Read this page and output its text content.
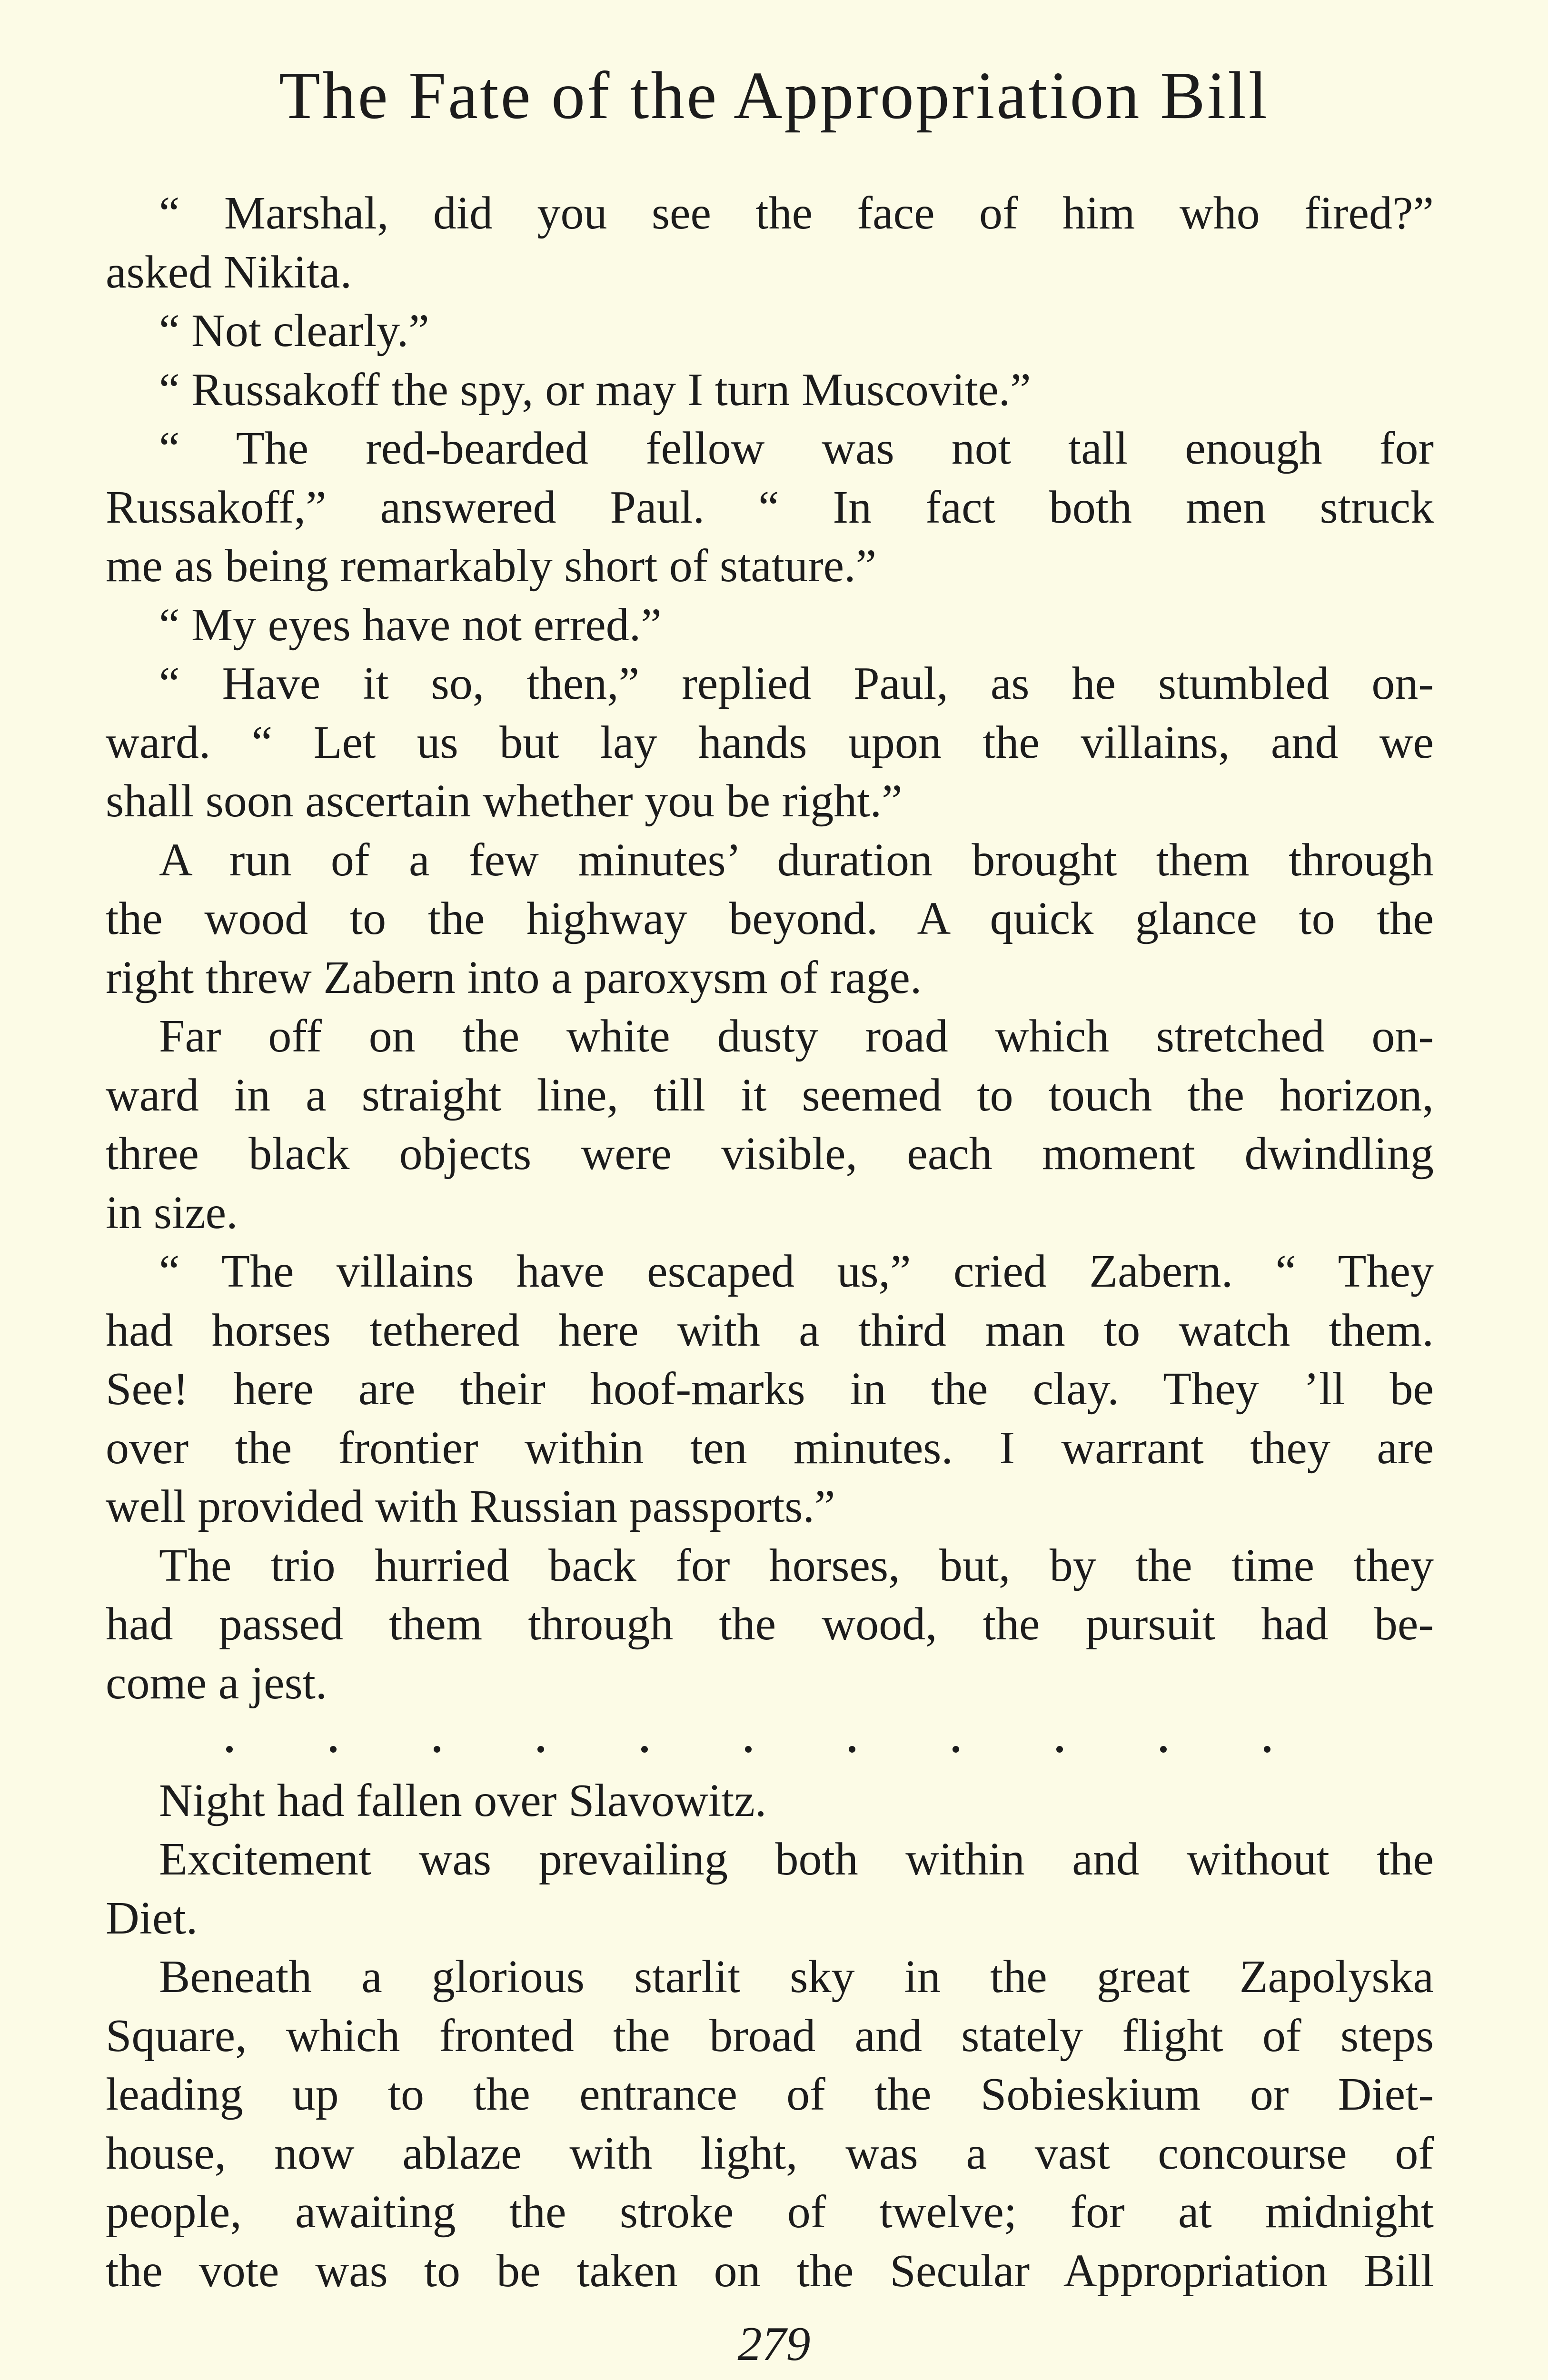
The Fate of the Appropriation Bill
“ Marshal, did you see the face of him who fired?”
asked Nikita.
“ Not clearly.”
“ Russakoff the spy, or may I turn Muscovite.”
“ The red-bearded fellow was not tall enough for
Russakoff,” answered Paul. “ In fact both men struck
me as being remarkably short of stature.”
“ My eyes have not erred.”
“ Have it so, then,” replied Paul, as he stumbled on-
ward. “ Let us but lay hands upon the villains, and we
shall soon ascertain whether you be right.”
A run of a few minutes’ duration brought them through
the wood to the highway beyond. A quick glance to the
right threw Zabern into a paroxysm of rage.
Far off on the white dusty road which stretched on-
ward in a straight line, till it seemed to touch the horizon,
three black objects were visible, each moment dwindling
in size.
“ The villains have escaped us,” cried Zabern. “ They
had horses tethered here with a third man to watch them.
See! here are their hoof-marks in the clay. They ’ll be
over the frontier within ten minutes. I warrant they are
well provided with Russian passports.”
The trio hurried back for horses, but, by the time they
had passed them through the wood, the pursuit had be-
come a jest.
Night had fallen over Slavowitz.
Excitement was prevailing both within and without the
Diet.
Beneath a glorious starlit sky in the great Zapolyska
Square, which fronted the broad and stately flight of steps
leading up to the entrance of the Sobieskium or Diet-
house, now ablaze with light, was a vast concourse of
people, awaiting the stroke of twelve; for at midnight
the vote was to be taken on the Secular Appropriation Bill
279
